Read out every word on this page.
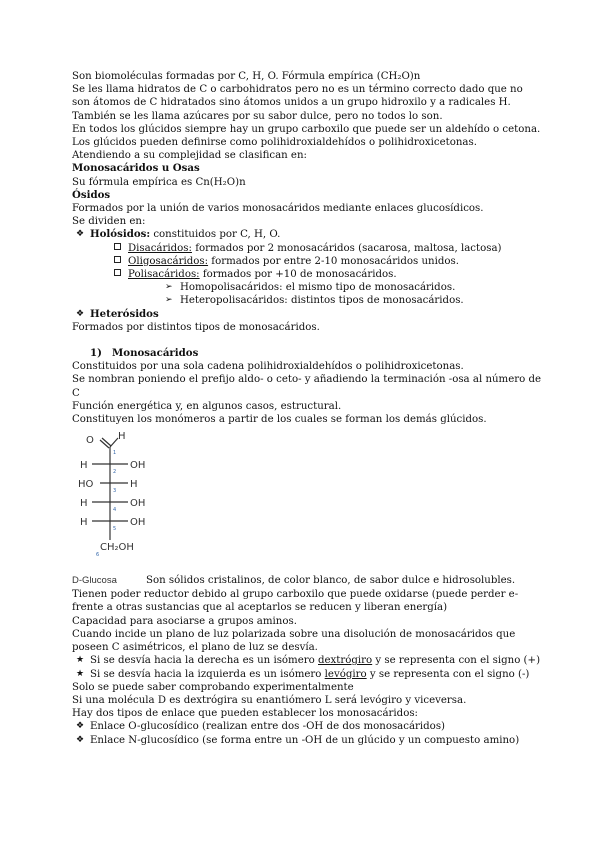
Son biomoléculas formadas por C, H, O. Fórmula empírica (CH₂O)n

Se les llama hidratos de C o carbohidratos pero no es un término correcto dado que no son átomos de C hidratados sino átomos unidos a un grupo hidroxilo y a radicales H. También se les llama azúcares por su sabor dulce, pero no todos lo son.

En todos los glúcidos siempre hay un grupo carboxilo que puede ser un aldehído o cetona.

Los glúcidos pueden definirse como polihidroxialdehídos o polihidroxicetonas.

Atendiendo a su complejidad se clasifican en:

Monosacáridos u Osas

Su fórmula empírica es Cn(H₂O)n

Ósidos

Formados por la unión de varios monosacáridos mediante enlaces glucosídicos.

Se dividen en:

❖ Holósidos: constituidos por C, H, O.
Disacáridos: formados por 2 monosacáridos (sacarosa, maltosa, lactosa)
Oligosacáridos: formados por entre 2-10 monosacáridos unidos.
Polisacáridos: formados por +10 de monosacáridos.
➢ Homopolisacáridos: el mismo tipo de monosacáridos.
➢ Heteropolisacáridos: distintos tipos de monosacáridos.
❖ Heterósidos

Formados por distintos tipos de monosacáridos.

1) Monosacáridos

Constituidos por una sola cadena polihidroxialdehídos o polihidroxicetonas.

Se nombran poniendo el prefijo aldo- o ceto- y añadiendo la terminación -osa al número de C

Función energética y, en algunos casos, estructural.

Constituyen los monómeros a partir de los cuales se forman los demás glúcidos.

O H
H	OH
HO	H
H	OH
H	OH
CH₂OH
1
2
3
4
5
6
D-Glucosa	Son sólidos cristalinos, de color blanco, de sabor dulce e hidrosolubles.

Tienen poder reductor debido al grupo carboxilo que puede oxidarse (puede perder e- frente a otras sustancias que al aceptarlos se reducen y liberan energía)

Capacidad para asociarse a grupos aminos.

Cuando incide un plano de luz polarizada sobre una disolución de monosacáridos que poseen C asimétricos, el plano de luz se desvía.

★ Si se desvía hacia la derecha es un isómero dextrógiro y se representa con el signo (+)
★ Si se desvía hacia la izquierda es un isómero levógiro y se representa con el signo (-)

Solo se puede saber comprobando experimentalmente

Si una molécula D es dextrógira su enantiómero L será levógiro y viceversa.

Hay dos tipos de enlace que pueden establecer los monosacáridos:

❖ Enlace O-glucosídico (realizan entre dos -OH de dos monosacáridos)
❖ Enlace N-glucosídico (se forma entre un -OH de un glúcido y un compuesto amino)
